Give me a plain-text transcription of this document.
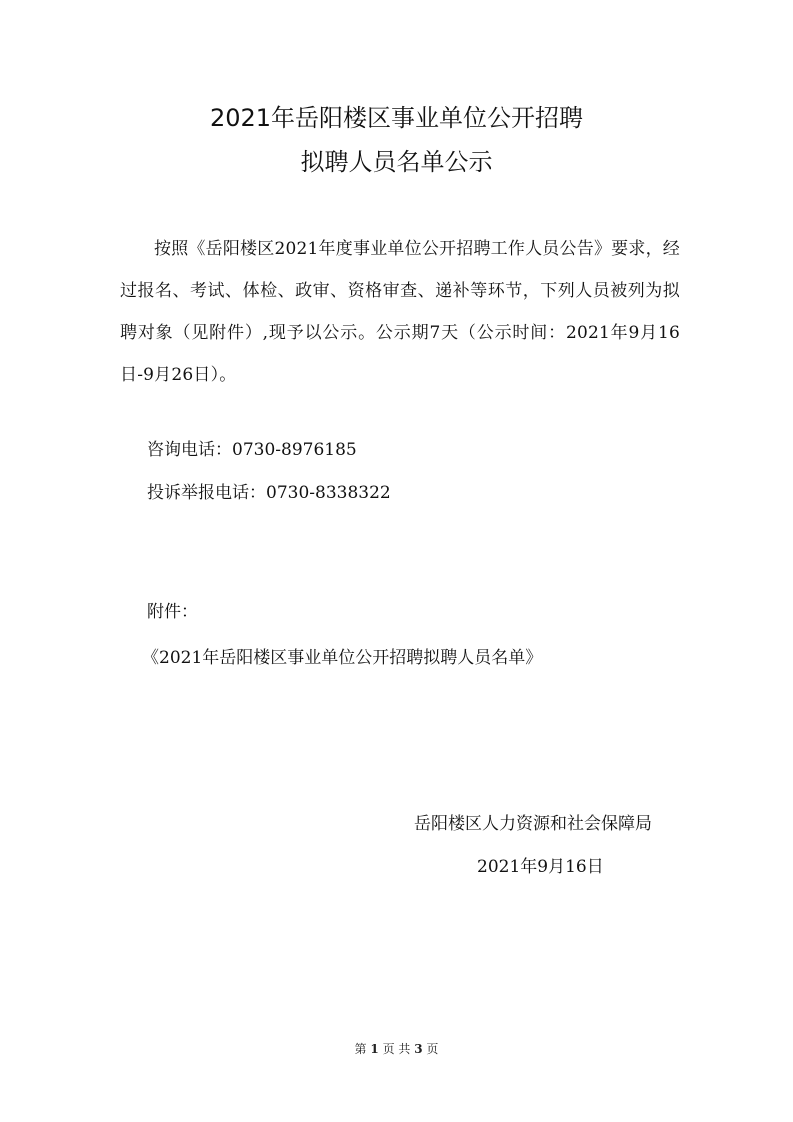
2021年岳阳楼区事业单位公开招聘
拟聘人员名单公示
按照《岳阳楼区2021年度事业单位公开招聘工作人员公告》要求，经过报名、考试、体检、政审、资格审查、递补等环节，下列人员被列为拟聘对象（见附件）,现予以公示。公示期7天（公示时间：2021年9月16日-9月26日）。
咨询电话：0730-8976185
投诉举报电话：0730-8338322
附件：
《2021年岳阳楼区事业单位公开招聘拟聘人员名单》
岳阳楼区人力资源和社会保障局
2021年9月16日
第 1 页 共 3 页
